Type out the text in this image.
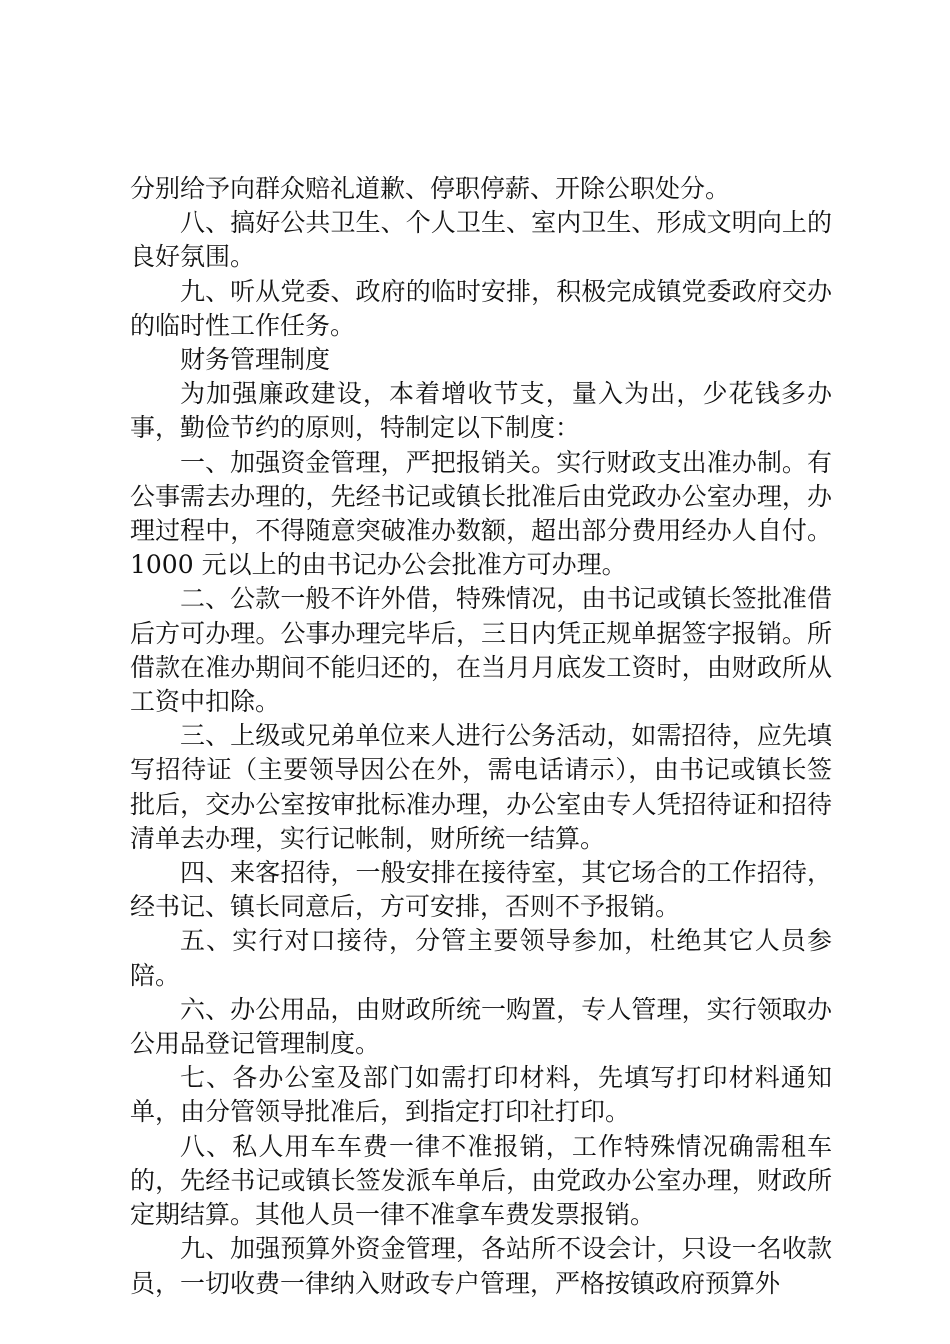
分别给予向群众赔礼道歉、停职停薪、开除公职处分。

八、搞好公共卫生、个人卫生、室内卫生、形成文明向上的良好氛围。

九、听从党委、政府的临时安排，积极完成镇党委政府交办的临时性工作任务。

财务管理制度

为加强廉政建设，本着增收节支，量入为出，少花钱多办事，勤俭节约的原则，特制定以下制度：

一、加强资金管理，严把报销关。实行财政支出准办制。有公事需去办理的，先经书记或镇长批准后由党政办公室办理，办理过程中，不得随意突破准办数额，超出部分费用经办人自付。1000 元以上的由书记办公会批准方可办理。

二、公款一般不许外借，特殊情况，由书记或镇长签批准借后方可办理。公事办理完毕后，三日内凭正规单据签字报销。所借款在准办期间不能归还的，在当月月底发工资时，由财政所从工资中扣除。

三、上级或兄弟单位来人进行公务活动，如需招待，应先填写招待证（主要领导因公在外，需电话请示），由书记或镇长签批后，交办公室按审批标准办理，办公室由专人凭招待证和招待清单去办理，实行记帐制，财所统一结算。

四、来客招待，一般安排在接待室，其它场合的工作招待，经书记、镇长同意后，方可安排，否则不予报销。

五、实行对口接待，分管主要领导参加，杜绝其它人员参陪。

六、办公用品，由财政所统一购置，专人管理，实行领取办公用品登记管理制度。

七、各办公室及部门如需打印材料，先填写打印材料通知单，由分管领导批准后，到指定打印社打印。

八、私人用车车费一律不准报销，工作特殊情况确需租车的，先经书记或镇长签发派车单后，由党政办公室办理，财政所定期结算。其他人员一律不准拿车费发票报销。

九、加强预算外资金管理，各站所不设会计，只设一名收款员，一切收费一律纳入财政专户管理，严格按镇政府预算外
